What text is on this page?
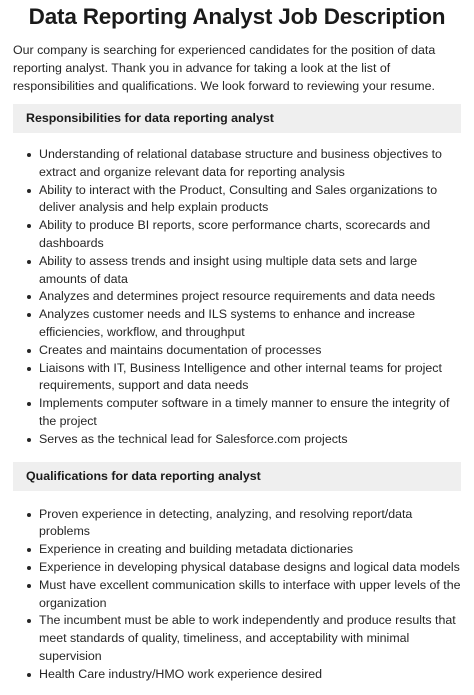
Data Reporting Analyst Job Description

Our company is searching for experienced candidates for the position of data reporting analyst. Thank you in advance for taking a look at the list of responsibilities and qualifications. We look forward to reviewing your resume.

Responsibilities for data reporting analyst
Understanding of relational database structure and business objectives to extract and organize relevant data for reporting analysis
Ability to interact with the Product, Consulting and Sales organizations to deliver analysis and help explain products
Ability to produce BI reports, score performance charts, scorecards and dashboards
Ability to assess trends and insight using multiple data sets and large amounts of data
Analyzes and determines project resource requirements and data needs
Analyzes customer needs and ILS systems to enhance and increase efficiencies, workflow, and throughput
Creates and maintains documentation of processes
Liaisons with IT, Business Intelligence and other internal teams for project requirements, support and data needs
Implements computer software in a timely manner to ensure the integrity of the project
Serves as the technical lead for Salesforce.com projects
Qualifications for data reporting analyst
Proven experience in detecting, analyzing, and resolving report/data problems
Experience in creating and building metadata dictionaries
Experience in developing physical database designs and logical data models
Must have excellent communication skills to interface with upper levels of the organization
The incumbent must be able to work independently and produce results that meet standards of quality, timeliness, and acceptability with minimal supervision
Health Care industry/HMO work experience desired
